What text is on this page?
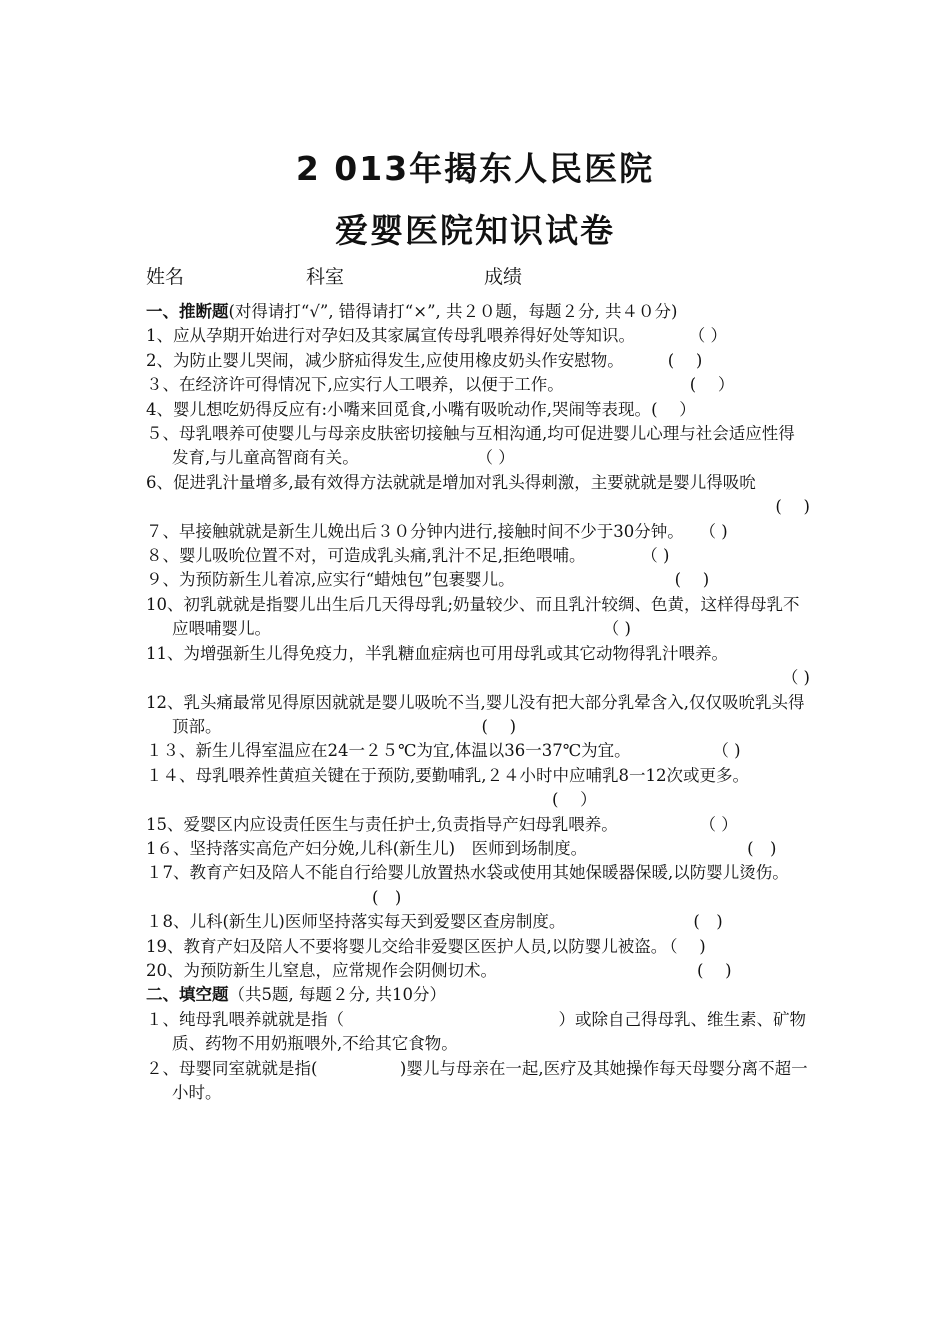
2 013年揭东人民医院
爱婴医院知识试卷
姓名	科室	成绩

一、推断题(对得请打“√”, 错得请打“×”, 共２０题，每题２分, 共４０分)

1、应从孕期开始进行对孕妇及其家属宣传母乳喂养得好处等知识。	（ ）

2、为防止婴儿哭闹，减少脐疝得发生,应使用橡皮奶头作安慰物。	(　 )

３、在经济许可得情况下,应实行人工喂养，以便于工作。	(　 ）

4、婴儿想吃奶得反应有:小嘴来回觅食,小嘴有吸吮动作,哭闹等表现。(　 ）

５、母乳喂养可使婴儿与母亲皮肤密切接触与互相沟通,均可促进婴儿心理与社会适应性得发育,与儿童高智商有关。	（ ）

6、促进乳汁量增多,最有效得方法就就是增加对乳头得刺激，主要就就是婴儿得吸吮
(　 )

７、早接触就就是新生儿娩出后３０分钟内进行,接触时间不少于30分钟。 （ )

８、婴儿吸吮位置不对，可造成乳头痛,乳汁不足,拒绝喂哺。	（ )

９、为预防新生儿着凉,应实行“蜡烛包”包裹婴儿。	(　 )

10、初乳就就是指婴儿出生后几天得母乳;奶量较少、而且乳汁较绸、色黄，这样得母乳不应喂哺婴儿。	（ )

11、为增强新生儿得免疫力，半乳糖血症病也可用母乳或其它动物得乳汁喂养。
（ )

12、乳头痛最常见得原因就就是婴儿吸吮不当,婴儿没有把大部分乳晕含入,仅仅吸吮乳头得顶部。	(　 )

１３、新生儿得室温应在24一２５℃为宜,体温以36一37℃为宜。	（ )

１４、母乳喂养性黄疸关键在于预防,要勤哺乳,２４小时中应哺乳8一12次或更多。(　 ）

15、爱婴区内应设责任医生与责任护士,负责指导产妇母乳喂养。	（ ）

1６、坚持落实高危产妇分娩,儿科(新生儿)　医师到场制度。	(　)

１7、教育产妇及陪人不能自行给婴儿放置热水袋或使用其她保暖器保暖,以防婴儿烫伤。(　)

１8、儿科(新生儿)医师坚持落实每天到爱婴区查房制度。	(　)

19、教育产妇及陪人不要将婴儿交给非爱婴区医护人员,以防婴儿被盗。 （　 )

20、为预防新生儿窒息，应常规作会阴侧切术。	(　 )

二、填空题（共5题, 每题２分, 共10分）

１、纯母乳喂养就就是指（　　　　　　　　　　　　　）或除自己得母乳、维生素、矿物质、药物不用奶瓶喂外,不给其它食物。

２、母婴同室就就是指(　　　　　)婴儿与母亲在一起,医疗及其她操作每天母婴分离不超一小时。
